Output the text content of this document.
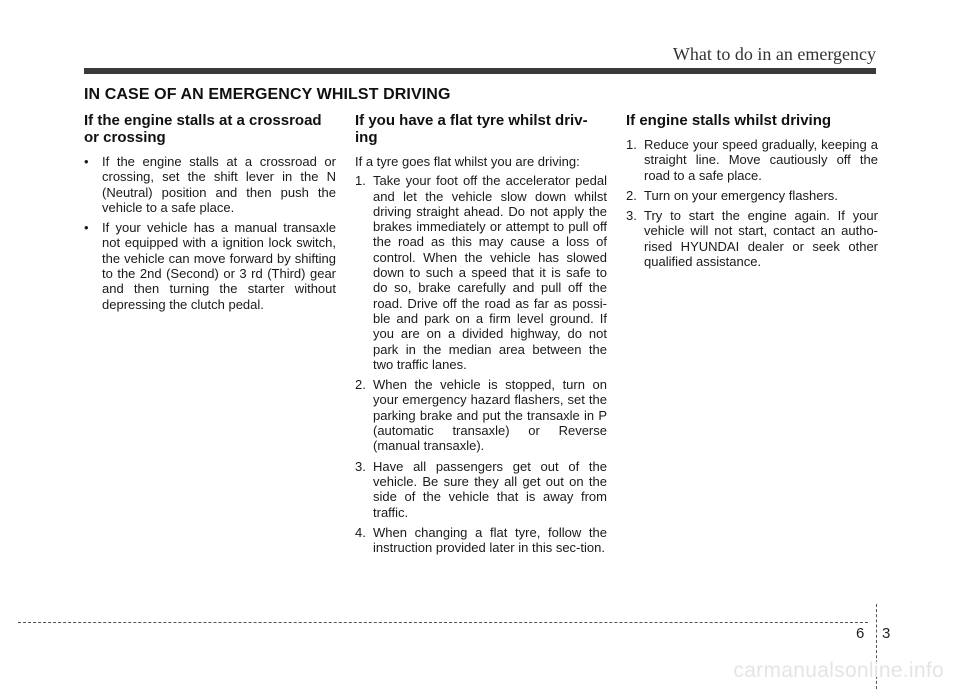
What to do in an emergency
IN CASE OF AN EMERGENCY WHILST DRIVING
If the engine stalls at a crossroad or crossing
• If the engine stalls at a crossroad or crossing, set the shift lever in the N (Neutral) position and then push the vehicle to a safe place.
• If your vehicle has a manual transaxle not equipped with a ignition lock switch, the vehicle can move forward by shifting to the 2nd (Second) or 3 rd (Third) gear and then turning the starter without depressing the clutch pedal.
If you have a flat tyre whilst driv-ing

If a tyre goes flat whilst you are driving:

1. Take your foot off the accelerator pedal and let the vehicle slow down whilst driving straight ahead. Do not apply the brakes immediately or attempt to pull off the road as this may cause a loss of control. When the vehicle has slowed down to such a speed that it is safe to do so, brake carefully and pull off the road. Drive off the road as far as possi-ble and park on a firm level ground. If you are on a divided highway, do not park in the median area between the two traffic lanes.
2. When the vehicle is stopped, turn on your emergency hazard flashers, set the parking brake and put the transaxle in P (automatic transaxle) or Reverse (manual transaxle).
3. Have all passengers get out of the vehicle. Be sure they all get out on the side of the vehicle that is away from traffic.
4. When changing a flat tyre, follow the instruction provided later in this sec-tion.
If engine stalls whilst driving
1. Reduce your speed gradually, keeping a straight line. Move cautiously off the road to a safe place.
2. Turn on your emergency flashers.
3. Try to start the engine again. If your vehicle will not start, contact an autho-rised HYUNDAI dealer or seek other qualified assistance.
6 3
carmanualsonline.info
